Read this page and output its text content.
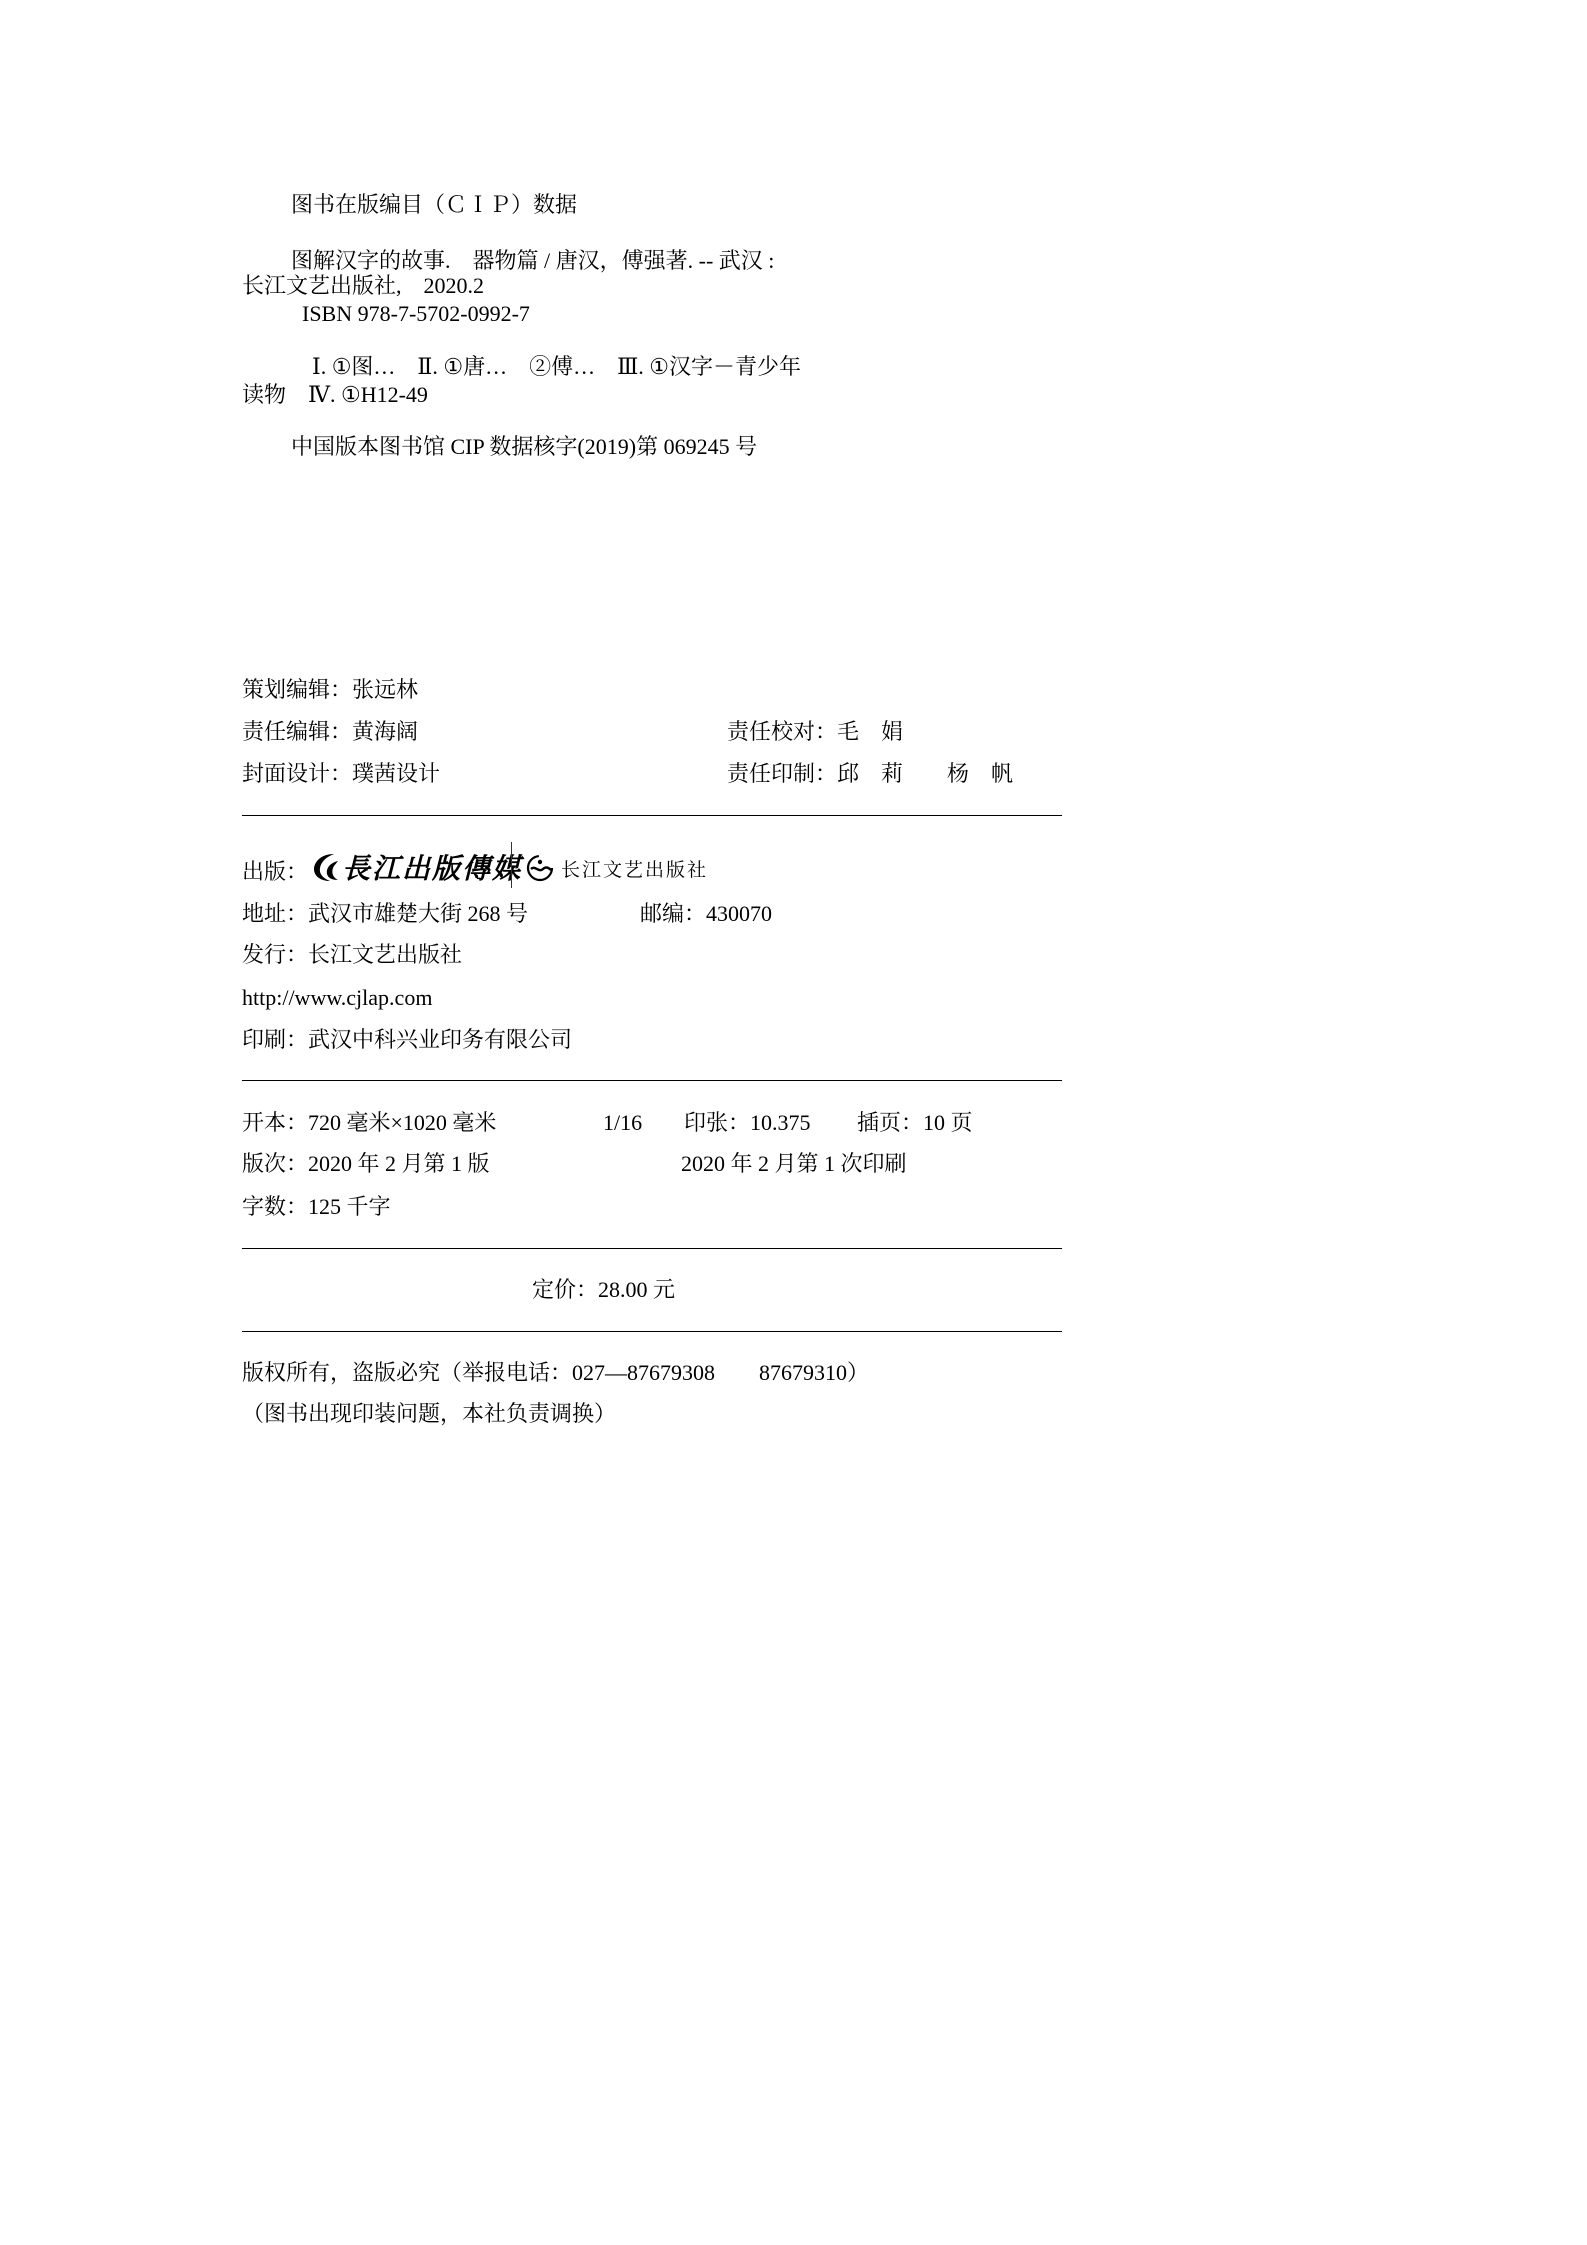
图书在版编目（ＣＩＰ）数据
图解汉字的故事.　器物篇 / 唐汉，傅强著. -- 武汉 :
长江文艺出版社,　2020.2
ISBN 978-7-5702-0992-7
Ⅰ. ①图…　Ⅱ. ①唐…　②傅…　Ⅲ. ①汉字－青少年
读物　Ⅳ. ①H12-49
中国版本图书馆 CIP 数据核字(2019)第 069245 号
策划编辑：张远林
责任编辑：黄海阔	责任校对：毛　娟
封面设计：璞茜设计	责任印制：邱　莉　　杨　帆
出版： 長江出版傳媒 长江文艺出版社
地址：武汉市雄楚大街 268 号	邮编：430070
发行：长江文艺出版社
http://www.cjlap.com
印刷：武汉中科兴业印务有限公司
开本：720 毫米×1020 毫米	1/16 印张：10.375 插页：10 页
版次：2020 年 2 月第 1 版	2020 年 2 月第 1 次印刷
字数：125 千字
定价：28.00 元
版权所有，盗版必究（举报电话：027—87679308　　87679310）
（图书出现印装问题，本社负责调换）
